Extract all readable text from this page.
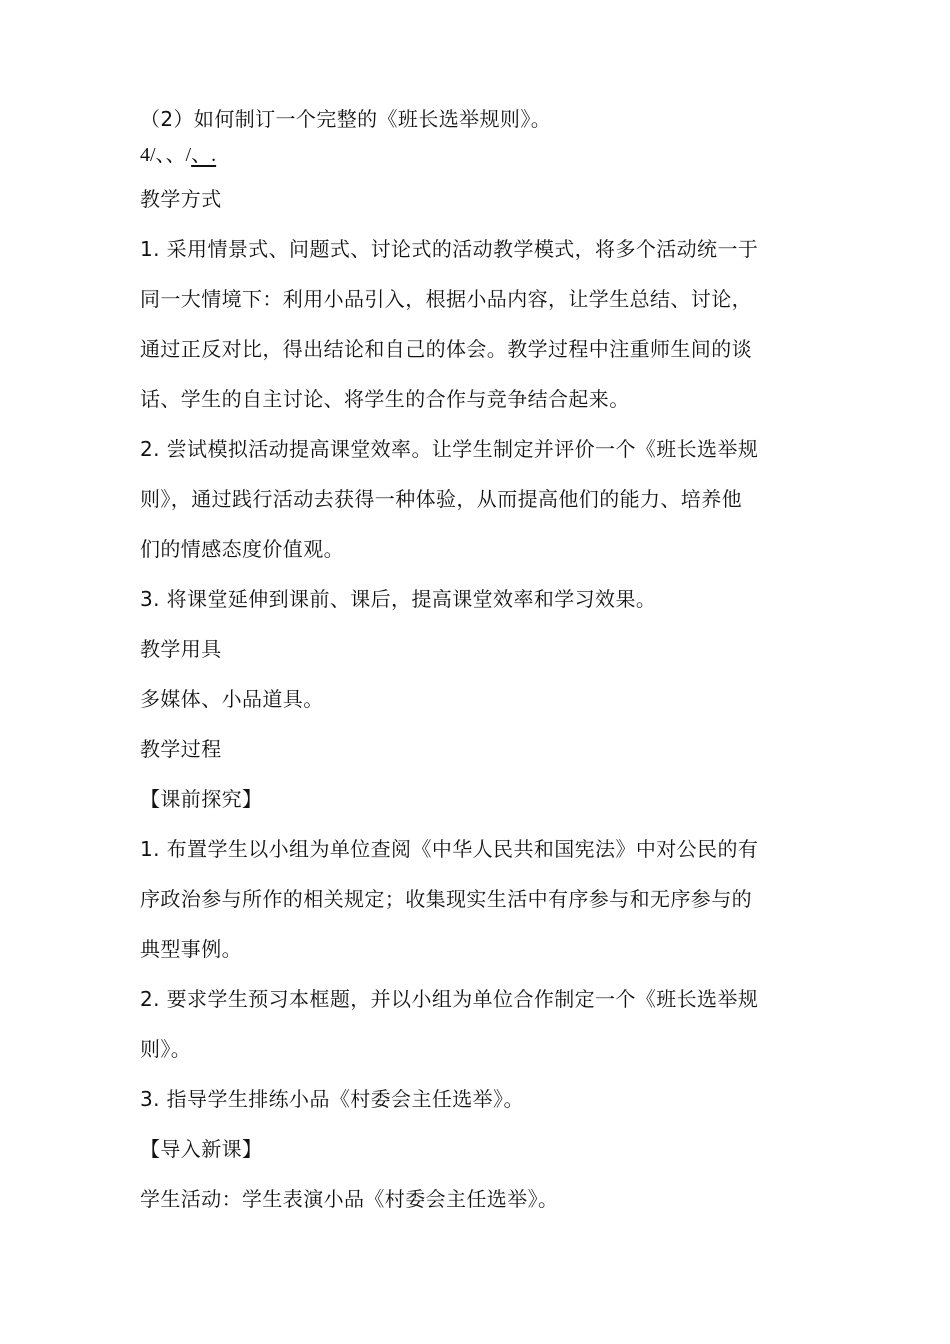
（2）如何制订一个完整的《班长选举规则》。
4/、、/、.
教学方式
1. 采用情景式、问题式、讨论式的活动教学模式，将多个活动统一于
同一大情境下：利用小品引入，根据小品内容，让学生总结、讨论，
通过正反对比，得出结论和自己的体会。教学过程中注重师生间的谈
话、学生的自主讨论、将学生的合作与竞争结合起来。
2. 尝试模拟活动提高课堂效率。让学生制定并评价一个《班长选举规
则》，通过践行活动去获得一种体验，从而提高他们的能力、培养他
们的情感态度价值观。
3. 将课堂延伸到课前、课后，提高课堂效率和学习效果。
教学用具
多媒体、小品道具。
教学过程
【课前探究】
1. 布置学生以小组为单位查阅《中华人民共和国宪法》中对公民的有
序政治参与所作的相关规定；收集现实生活中有序参与和无序参与的
典型事例。
2. 要求学生预习本框题，并以小组为单位合作制定一个《班长选举规
则》。
3. 指导学生排练小品《村委会主任选举》。
【导入新课】
学生活动：学生表演小品《村委会主任选举》。
